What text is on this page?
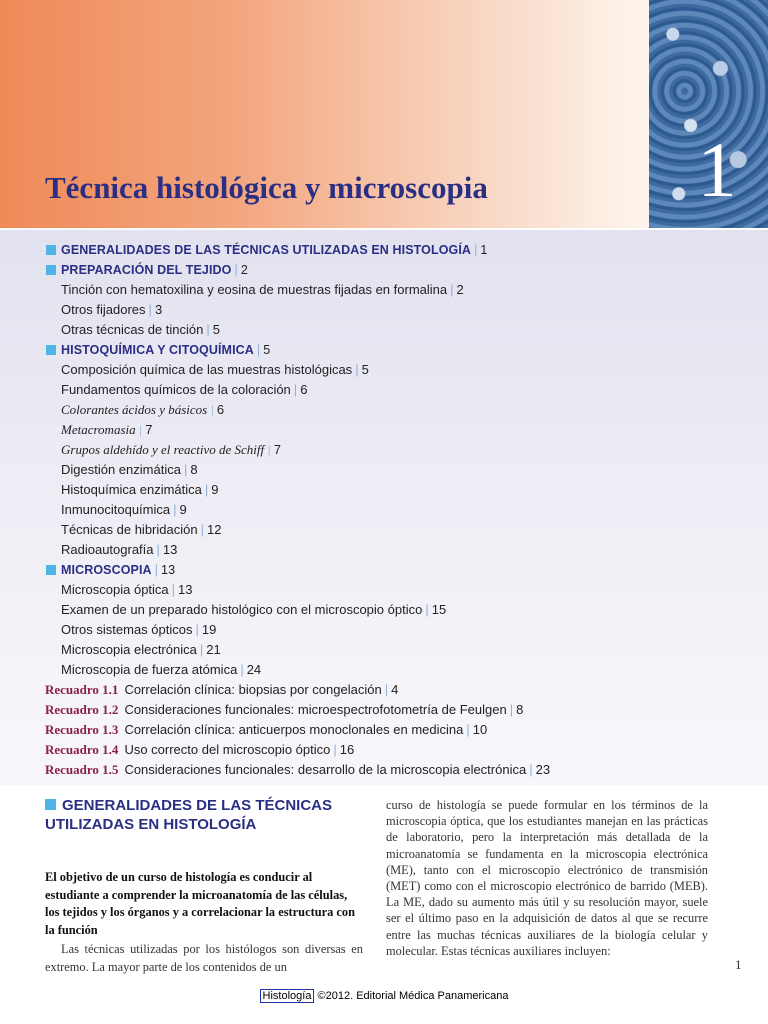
1
Técnica histológica y microscopia
GENERALIDADES DE LAS TÉCNICAS UTILIZADAS EN HISTOLOGÍA | 1
PREPARACIÓN DEL TEJIDO | 2
Tinción con hematoxilina y eosina de muestras fijadas en formalina | 2
Otros fijadores | 3
Otras técnicas de tinción | 5
HISTOQUÍMICA Y CITOQUÍMICA | 5
Composición química de las muestras histológicas | 5
Fundamentos químicos de la coloración | 6
Colorantes ácidos y básicos | 6
Metacromasia | 7
Grupos aldehído y el reactivo de Schiff | 7
Digestión enzimática | 8
Histoquímica enzimática | 9
Inmunocitoquímica | 9
Técnicas de hibridación | 12
Radioautografía | 13
MICROSCOPIA | 13
Microscopia óptica | 13
Examen de un preparado histológico con el microscopio óptico | 15
Otros sistemas ópticos | 19
Microscopia electrónica | 21
Microscopia de fuerza atómica | 24
Recuadro 1.1 Correlación clínica: biopsias por congelación | 4
Recuadro 1.2 Consideraciones funcionales: microespectrofotometría de Feulgen | 8
Recuadro 1.3 Correlación clínica: anticuerpos monoclonales en medicina | 10
Recuadro 1.4 Uso correcto del microscopio óptico | 16
Recuadro 1.5 Consideraciones funcionales: desarrollo de la microscopia electrónica | 23
GENERALIDADES DE LAS TÉCNICAS UTILIZADAS EN HISTOLOGÍA

El objetivo de un curso de histología es conducir al estudiante a comprender la microanatomía de las células, los tejidos y los órganos y a correlacionar la estructura con la función

Las técnicas utilizadas por los histólogos son diversas en extremo. La mayor parte de los contenidos de un

curso de histología se puede formular en los términos de la microscopia óptica, que los estudiantes manejan en las prácticas de laboratorio, pero la interpretación más detallada de la microanatomía se fundamenta en la microscopia electrónica (ME), tanto con el microscopio electrónico de transmisión (MET) como con el microscopio electrónico de barrido (MEB). La ME, dado su aumento más útil y su resolución mayor, suele ser el último paso en la adquisición de datos al que se recurre entre las muchas técnicas auxiliares de la biología celular y molecular. Estas técnicas auxiliares incluyen:

1
Histología ©2012. Editorial Médica Panamericana
